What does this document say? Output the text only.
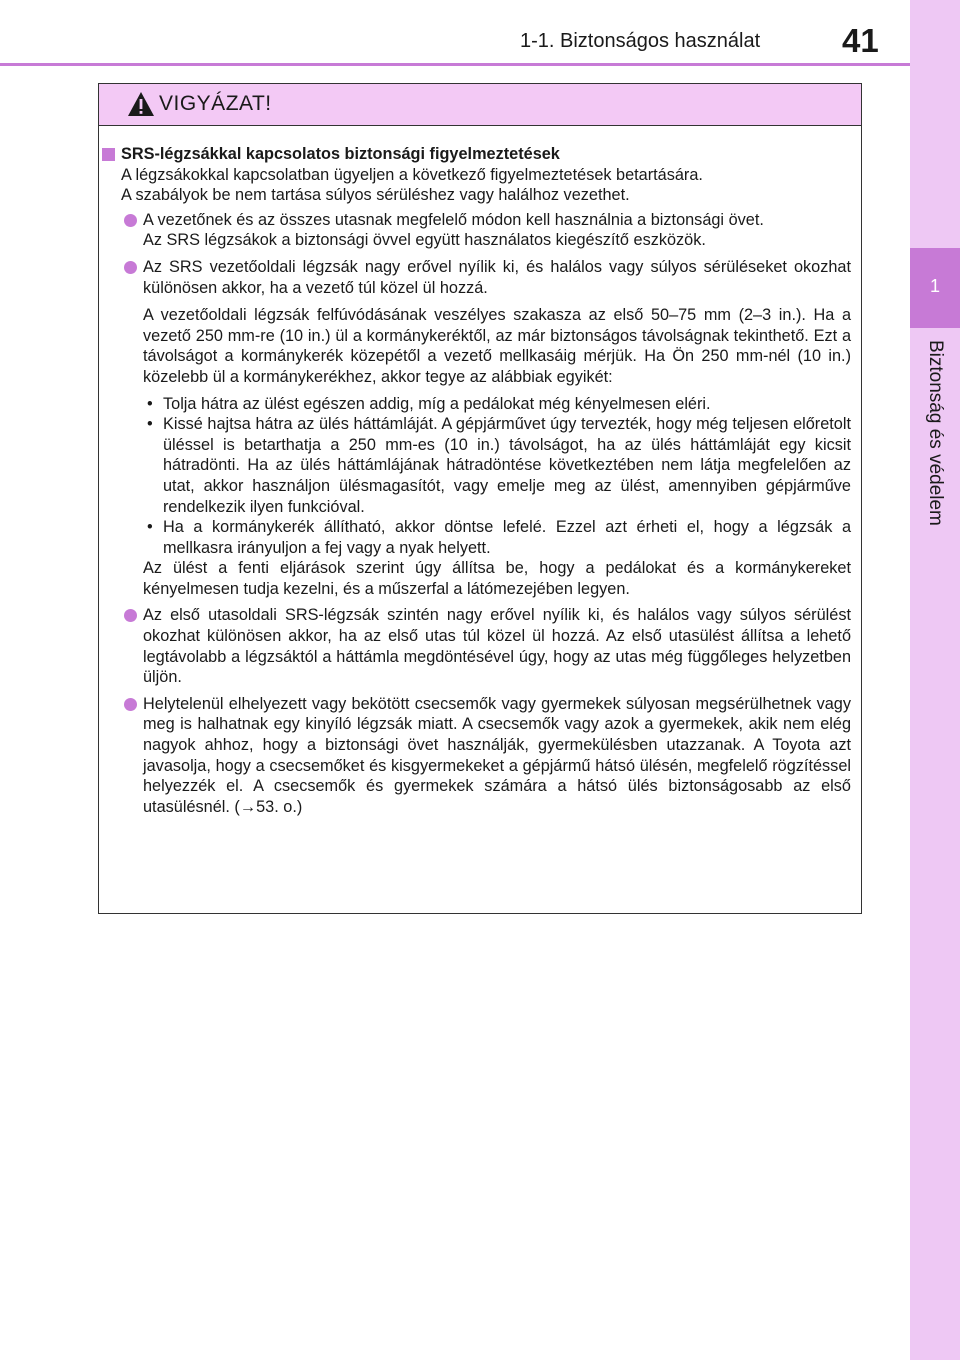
1-1. Biztonságos használat 41
1
Biztonság és védelem
VIGYÁZAT!
SRS-légzsákkal kapcsolatos biztonsági figyelmeztetések

A légzsákokkal kapcsolatban ügyeljen a következő figyelmeztetések betartására.

A szabályok be nem tartása súlyos sérüléshez vagy halálhoz vezethet.

A vezetőnek és az összes utasnak megfelelő módon kell használnia a biztonsági övet.

Az SRS légzsákok a biztonsági övvel együtt használatos kiegészítő eszközök.

Az SRS vezetőoldali légzsák nagy erővel nyílik ki, és halálos vagy súlyos sérüléseket okozhat különösen akkor, ha a vezető túl közel ül hozzá.

A vezetőoldali légzsák felfúvódásának veszélyes szakasza az első 50–75 mm (2–3 in.). Ha a vezető 250 mm-re (10 in.) ül a kormánykeréktől, az már biztonságos távolságnak tekinthető. Ezt a távolságot a kormánykerék közepétől a vezető mellkasáig mérjük. Ha Ön 250 mm-nél (10 in.) közelebb ül a kormánykerékhez, akkor tegye az alábbiak egyikét:
• Tolja hátra az ülést egészen addig, míg a pedálokat még kényelmesen eléri.
• Kissé hajtsa hátra az ülés háttámláját. A gépjárművet úgy tervezték, hogy még teljesen előretolt üléssel is betarthatja a 250 mm-es (10 in.) távolságot, ha az ülés háttámláját egy kicsit hátradönti. Ha az ülés háttámlájának hátradöntése következtében nem látja megfelelően az utat, akkor használjon ülésmagasítót, vagy emelje meg az ülést, amennyiben gépjárműve rendelkezik ilyen funkcióval.
• Ha a kormánykerék állítható, akkor döntse lefelé. Ezzel azt érheti el, hogy a légzsák a mellkasra irányuljon a fej vagy a nyak helyett.
Az ülést a fenti eljárások szerint úgy állítsa be, hogy a pedálokat és a kormánykereket kényelmesen tudja kezelni, és a műszerfal a látómezejében legyen.

Az első utasoldali SRS-légzsák szintén nagy erővel nyílik ki, és halálos vagy súlyos sérülést okozhat különösen akkor, ha az első utas túl közel ül hozzá. Az első utasülést állítsa a lehető legtávolabb a légzsáktól a háttámla megdöntésével úgy, hogy az utas még függőleges helyzetben üljön.

Helytelenül elhelyezett vagy bekötött csecsemők vagy gyermekek súlyosan megsérülhetnek vagy meg is halhatnak egy kinyíló légzsák miatt. A csecsemők vagy azok a gyermekek, akik nem elég nagyok ahhoz, hogy a biztonsági övet használják, gyermekülésben utazzanak. A Toyota azt javasolja, hogy a csecsemőket és kisgyermekeket a gépjármű hátsó ülésén, megfelelő rögzítéssel helyezzék el. A csecsemők és gyermekek számára a hátsó ülés biztonságosabb az első utasülésnél. (→53. o.)
